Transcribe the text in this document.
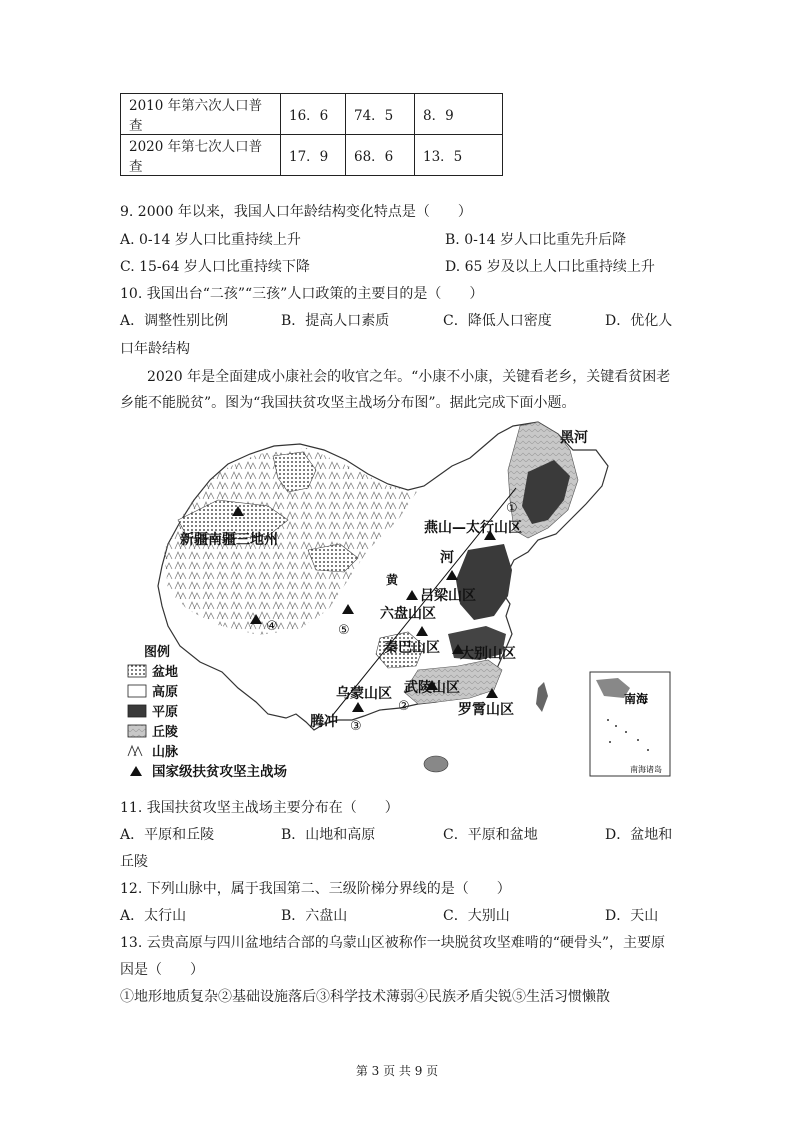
2010 年第六次人口普查	16．6	74．5	8．9
2020 年第七次人口普查	17．9	68．6	13．5
9. 2000 年以来，我国人口年龄结构变化特点是（　　）
A. 0-14 岁人口比重持续上升	B. 0-14 岁人口比重先升后降
C. 15-64 岁人口比重持续下降	D. 65 岁及以上人口比重持续上升
10. 我国出台“二孩”“三孩”人口政策的主要目的是（　　）
A．调整性别比例	B．提高人口素质	C．降低人口密度	D．优化人
口年龄结构
2020 年是全面建成小康社会的收官之年。“小康不小康，关键看老乡，关键看贫困老
乡能不能脱贫”。图为“我国扶贫攻坚主战场分布图”。据此完成下面小题。
南海
南海诸岛
黑河
燕山—太行山区
河
黄
吕梁山区
六盘山区
新疆南疆三地州
秦巴山区 大别山区
乌蒙山区 武陵山区
罗霄山区
腾冲
①
②
③
④	⑤
图例
盆地
高原
平原
丘陵
山脉
国家级扶贫攻坚主战场
11. 我国扶贫攻坚主战场主要分布在（　　）
A．平原和丘陵	B．山地和高原	C．平原和盆地	D．盆地和
丘陵
12. 下列山脉中，属于我国第二、三级阶梯分界线的是（　　）
A．太行山	B．六盘山	C．大别山	D．天山
13. 云贵高原与四川盆地结合部的乌蒙山区被称作一块脱贫攻坚难啃的“硬骨头”，主要原
因是（　　）
①地形地质复杂②基础设施落后③科学技术薄弱④民族矛盾尖锐⑤生活习惯懒散
第 3 页 共 9 页
